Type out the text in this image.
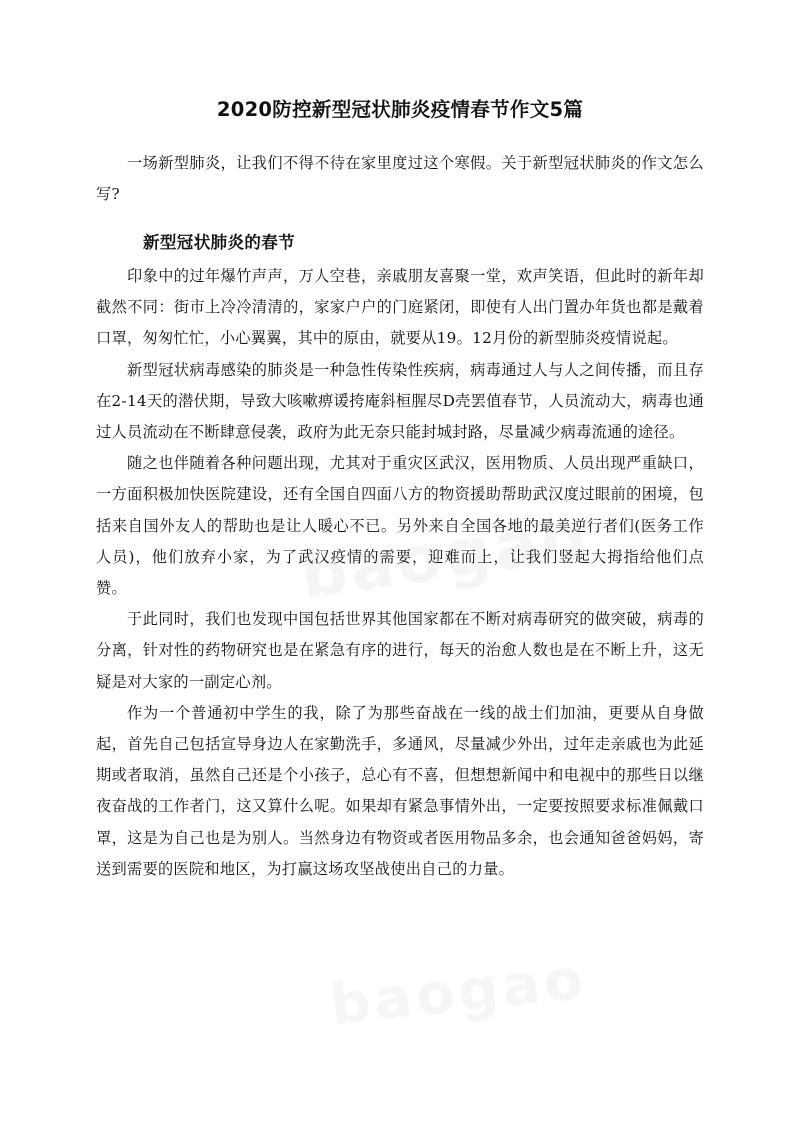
2020防控新型冠状肺炎疫情春节作文5篇

一场新型肺炎，让我们不得不待在家里度过这个寒假。关于新型冠状肺炎的作文怎么写?

新型冠状肺炎的春节

印象中的过年爆竹声声，万人空巷，亲戚朋友喜聚一堂，欢声笑语，但此时的新年却截然不同：街市上冷冷清清的，家家户户的门庭紧闭，即使有人出门置办年货也都是戴着口罩，匆匆忙忙，小心翼翼，其中的原由，就要从19。12月份的新型肺炎疫情说起。

新型冠状病毒感染的肺炎是一种急性传染性疾病，病毒通过人与人之间传播，而且存在2-14天的潜伏期，导致大咳嗽痹谖挎庵斜桓腥尽D壳罢值春节，人员流动大，病毒也通过人员流动在不断肆意侵袭，政府为此无奈只能封城封路，尽量减少病毒流通的途径。

随之也伴随着各种问题出现，尤其对于重灾区武汉，医用物质、人员出现严重缺口，一方面积极加快医院建设，还有全国自四面八方的物资援助帮助武汉度过眼前的困境，包括来自国外友人的帮助也是让人暖心不已。另外来自全国各地的最美逆行者们(医务工作人员)，他们放弃小家，为了武汉疫情的需要，迎难而上，让我们竖起大拇指给他们点赞。

于此同时，我们也发现中国包括世界其他国家都在不断对病毒研究的做突破，病毒的分离，针对性的药物研究也是在紧急有序的进行，每天的治愈人数也是在不断上升，这无疑是对大家的一副定心剂。

作为一个普通初中学生的我，除了为那些奋战在一线的战士们加油，更要从自身做起，首先自己包括宣导身边人在家勤洗手，多通风，尽量减少外出，过年走亲戚也为此延期或者取消，虽然自己还是个小孩子，总心有不喜，但想想新闻中和电视中的那些日以继夜奋战的工作者门，这又算什么呢。如果却有紧急事情外出，一定要按照要求标准佩戴口罩，这是为自己也是为别人。当然身边有物资或者医用物品多余，也会通知爸爸妈妈，寄送到需要的医院和地区，为打赢这场攻坚战使出自己的力量。
